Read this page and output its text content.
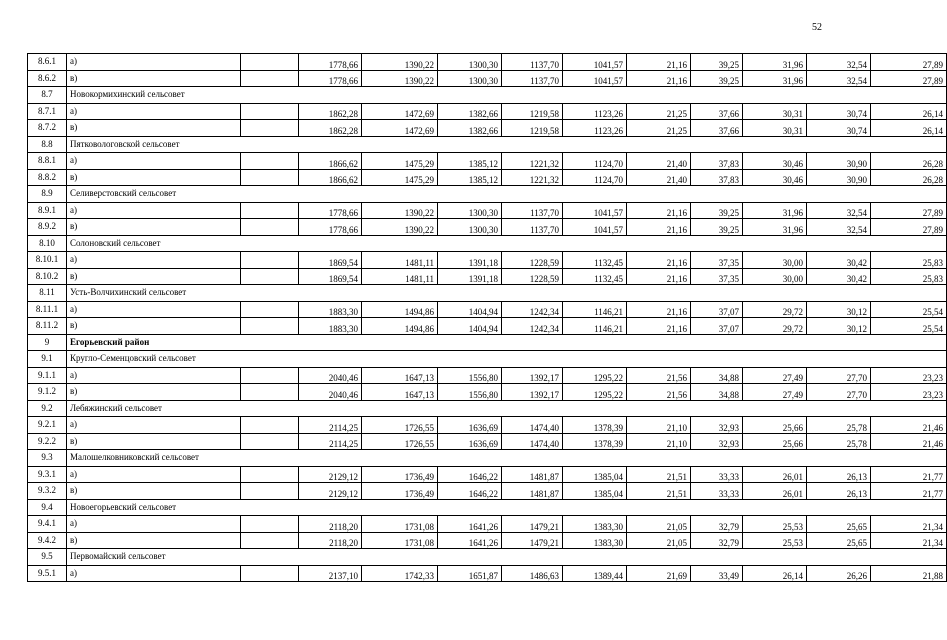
52
8.6.1	а)		1778,66	1390,22	1300,30	1137,70	1041,57	21,16	39,25	31,96	32,54	27,89	
8.6.2	в)		1778,66	1390,22	1300,30	1137,70	1041,57	21,16	39,25	31,96	32,54	27,89	
8.7	Новокормихинский сельсовет												
8.7.1	а)		1862,28	1472,69	1382,66	1219,58	1123,26	21,25	37,66	30,31	30,74	26,14	
8.7.2	в)		1862,28	1472,69	1382,66	1219,58	1123,26	21,25	37,66	30,31	30,74	26,14	
8.8	Пятковологовской сельсовет												
8.8.1	а)		1866,62	1475,29	1385,12	1221,32	1124,70	21,40	37,83	30,46	30,90	26,28	
8.8.2	в)		1866,62	1475,29	1385,12	1221,32	1124,70	21,40	37,83	30,46	30,90	26,28	
8.9	Селиверстовский сельсовет												
8.9.1	а)		1778,66	1390,22	1300,30	1137,70	1041,57	21,16	39,25	31,96	32,54	27,89	
8.9.2	в)		1778,66	1390,22	1300,30	1137,70	1041,57	21,16	39,25	31,96	32,54	27,89	
8.10	Солоновский сельсовет												
8.10.1	а)		1869,54	1481,11	1391,18	1228,59	1132,45	21,16	37,35	30,00	30,42	25,83	
8.10.2	в)		1869,54	1481,11	1391,18	1228,59	1132,45	21,16	37,35	30,00	30,42	25,83	
8.11	Усть-Волчихинский сельсовет												
8.11.1	а)		1883,30	1494,86	1404,94	1242,34	1146,21	21,16	37,07	29,72	30,12	25,54	
8.11.2	в)		1883,30	1494,86	1404,94	1242,34	1146,21	21,16	37,07	29,72	30,12	25,54	
9	Егорьевский район												
9.1	Кругло-Семенцовский сельсовет												
9.1.1	а)		2040,46	1647,13	1556,80	1392,17	1295,22	21,56	34,88	27,49	27,70	23,23	
9.1.2	в)		2040,46	1647,13	1556,80	1392,17	1295,22	21,56	34,88	27,49	27,70	23,23	
9.2	Лебяжинский сельсовет												
9.2.1	а)		2114,25	1726,55	1636,69	1474,40	1378,39	21,10	32,93	25,66	25,78	21,46	
9.2.2	в)		2114,25	1726,55	1636,69	1474,40	1378,39	21,10	32,93	25,66	25,78	21,46	
9.3	Малошелковниковский сельсовет												
9.3.1	а)		2129,12	1736,49	1646,22	1481,87	1385,04	21,51	33,33	26,01	26,13	21,77	
9.3.2	в)		2129,12	1736,49	1646,22	1481,87	1385,04	21,51	33,33	26,01	26,13	21,77	
9.4	Новоегорьевский сельсовет												
9.4.1	а)		2118,20	1731,08	1641,26	1479,21	1383,30	21,05	32,79	25,53	25,65	21,34	
9.4.2	в)		2118,20	1731,08	1641,26	1479,21	1383,30	21,05	32,79	25,53	25,65	21,34	
9.5	Первомайский сельсовет												
9.5.1	а)		2137,10	1742,33	1651,87	1486,63	1389,44	21,69	33,49	26,14	26,26	21,88	
